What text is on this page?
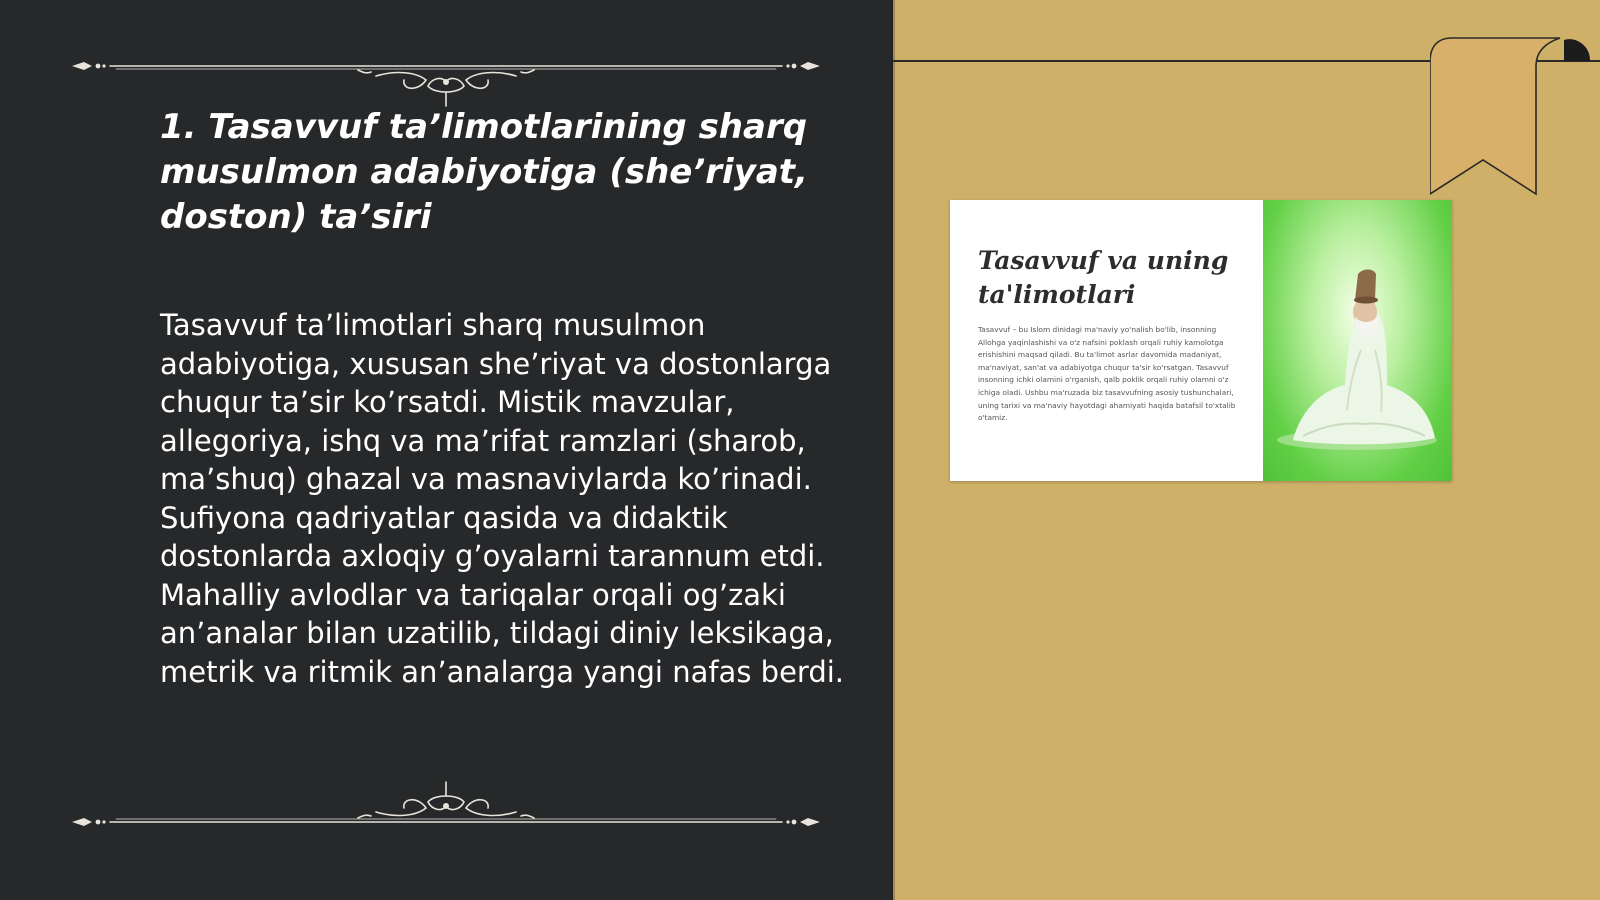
1. Tasavvuf ta’limotlarining sharq musulmon adabiyotiga (she’riyat, doston) ta’siri

Tasavvuf ta’limotlari sharq musulmon adabiyotiga, xususan she’riyat va dostonlarga chuqur ta’sir ko’rsatdi. Mistik mavzular, allegoriya, ishq va ma’rifat ramzlari (sharob, ma’shuq) ghazal va masnaviylarda ko’rinadi. Sufiyona qadriyatlar qasida va didaktik dostonlarda axloqiy g’oyalarni tarannum etdi. Mahalliy avlodlar va tariqalar orqali og’zaki an’analar bilan uzatilib, tildagi diniy leksikaga, metrik va ritmik an’analarga yangi nafas berdi.

Tasavvuf va uning ta'limotlari

Tasavvuf – bu Islom dinidagi ma'naviy yo'nalish bo'lib, insonning Allohga yaqinlashishi va o'z nafsini poklash orqali ruhiy kamolotga erishishini maqsad qiladi. Bu ta'limot asrlar davomida madaniyat, ma'naviyat, san'at va adabiyotga chuqur ta'sir ko'rsatgan. Tasavvuf insonning ichki olamini o'rganish, qalb poklik orqali ruhiy olamni o'z ichiga oladi. Ushbu ma'ruzada biz tasavvufning asosiy tushunchalari, uning tarixi va ma'naviy hayotdagi ahamiyati haqida batafsil to'xtalib o'tamiz.
